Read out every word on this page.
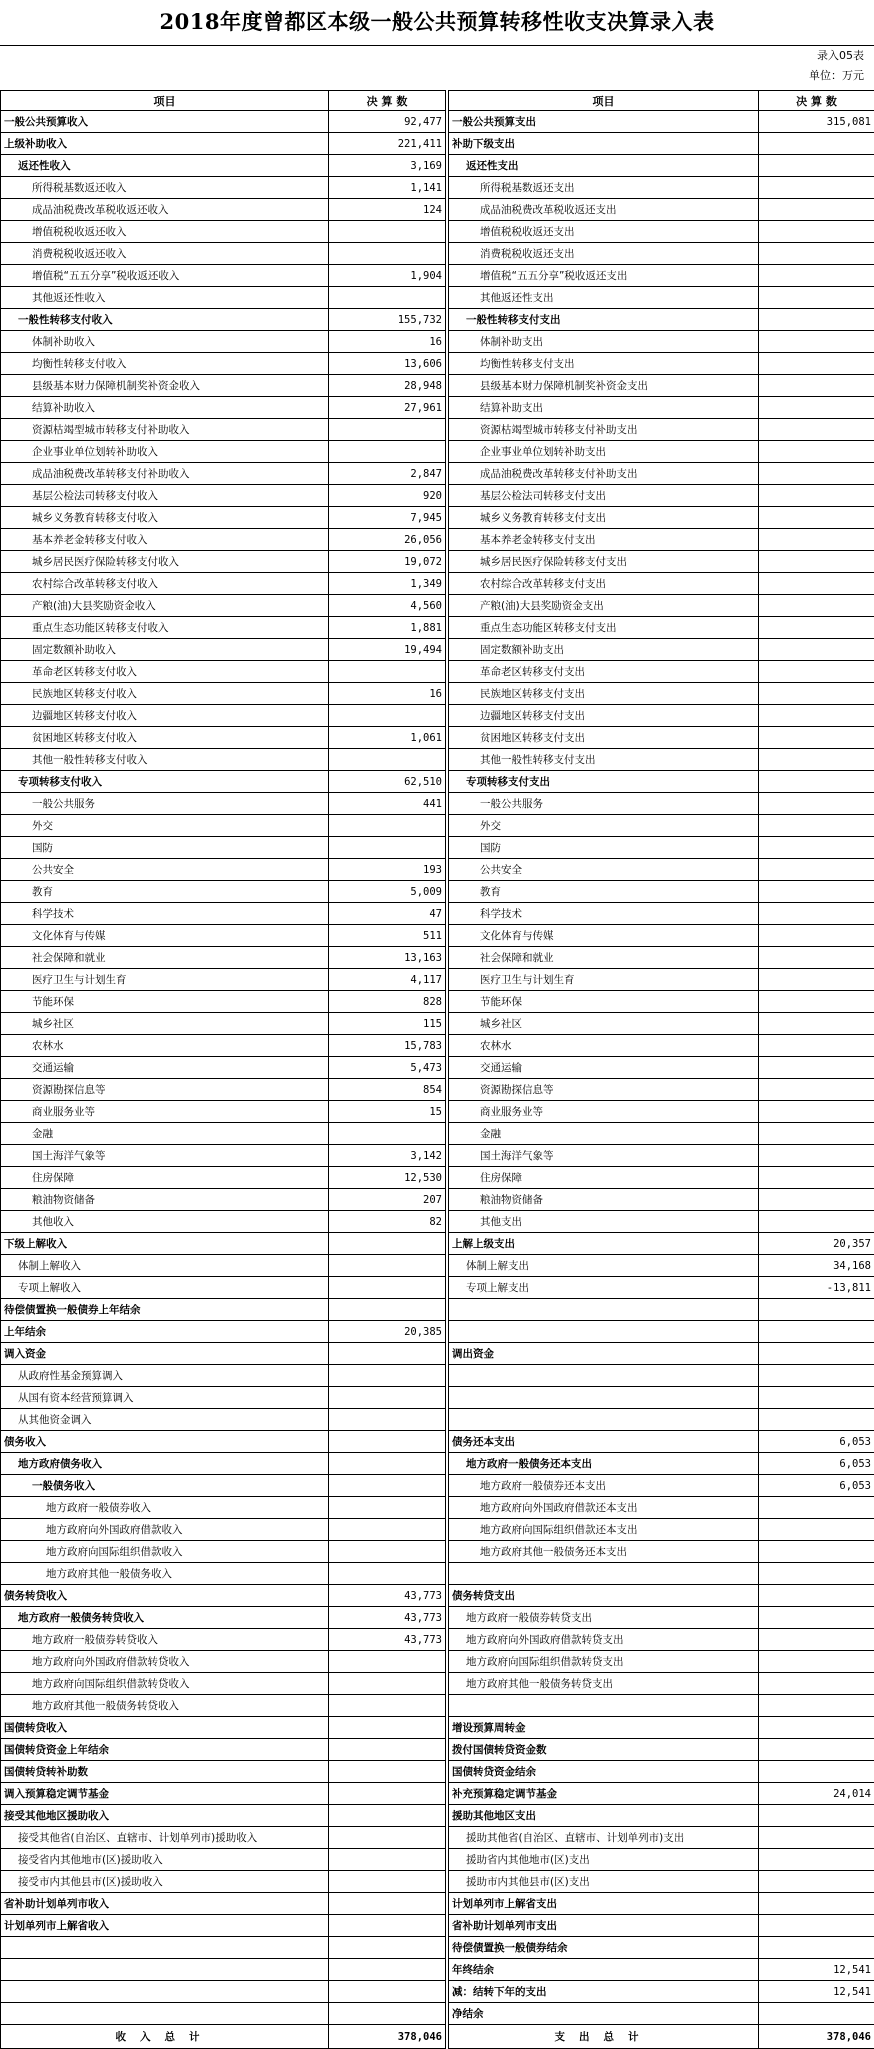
2018年度曾都区本级一般公共预算转移性收支决算录入表
录入05表
单位：万元
项目	决 算 数		项目	决 算 数
一般公共预算收入	92,477		一般公共预算支出	315,081
上级补助收入	221,411		补助下级支出	
返还性收入	3,169		返还性支出	
所得税基数返还收入	1,141		所得税基数返还支出	
成品油税费改革税收返还收入	124		成品油税费改革税收返还支出	
增值税税收返还收入			增值税税收返还支出	
消费税税收返还收入			消费税税收返还支出	
增值税“五五分享”税收返还收入	1,904		增值税“五五分享”税收返还支出	
其他返还性收入			其他返还性支出	
一般性转移支付收入	155,732		一般性转移支付支出	
体制补助收入	16		体制补助支出	
均衡性转移支付收入	13,606		均衡性转移支付支出	
县级基本财力保障机制奖补资金收入	28,948		县级基本财力保障机制奖补资金支出	
结算补助收入	27,961		结算补助支出	
资源枯竭型城市转移支付补助收入			资源枯竭型城市转移支付补助支出	
企业事业单位划转补助收入			企业事业单位划转补助支出	
成品油税费改革转移支付补助收入	2,847		成品油税费改革转移支付补助支出	
基层公检法司转移支付收入	920		基层公检法司转移支付支出	
城乡义务教育转移支付收入	7,945		城乡义务教育转移支付支出	
基本养老金转移支付收入	26,056		基本养老金转移支付支出	
城乡居民医疗保险转移支付收入	19,072		城乡居民医疗保险转移支付支出	
农村综合改革转移支付收入	1,349		农村综合改革转移支付支出	
产粮(油)大县奖励资金收入	4,560		产粮(油)大县奖励资金支出	
重点生态功能区转移支付收入	1,881		重点生态功能区转移支付支出	
固定数额补助收入	19,494		固定数额补助支出	
革命老区转移支付收入			革命老区转移支付支出	
民族地区转移支付收入	16		民族地区转移支付支出	
边疆地区转移支付收入			边疆地区转移支付支出	
贫困地区转移支付收入	1,061		贫困地区转移支付支出	
其他一般性转移支付收入			其他一般性转移支付支出	
专项转移支付收入	62,510		专项转移支付支出	
一般公共服务	441		一般公共服务	
外交			外交	
国防			国防	
公共安全	193		公共安全	
教育	5,009		教育	
科学技术	47		科学技术	
文化体育与传媒	511		文化体育与传媒	
社会保障和就业	13,163		社会保障和就业	
医疗卫生与计划生育	4,117		医疗卫生与计划生育	
节能环保	828		节能环保	
城乡社区	115		城乡社区	
农林水	15,783		农林水	
交通运输	5,473		交通运输	
资源勘探信息等	854		资源勘探信息等	
商业服务业等	15		商业服务业等	
金融			金融	
国土海洋气象等	3,142		国土海洋气象等	
住房保障	12,530		住房保障	
粮油物资储备	207		粮油物资储备	
其他收入	82		其他支出	
下级上解收入			上解上级支出	20,357
体制上解收入			体制上解支出	34,168
专项上解收入			专项上解支出	-13,811
待偿债置换一般债券上年结余				
上年结余	20,385			
调入资金			调出资金	
从政府性基金预算调入				
从国有资本经营预算调入				
从其他资金调入				
债务收入			债务还本支出	6,053
地方政府债务收入			地方政府一般债务还本支出	6,053
一般债务收入			地方政府一般债券还本支出	6,053
地方政府一般债券收入			地方政府向外国政府借款还本支出	
地方政府向外国政府借款收入			地方政府向国际组织借款还本支出	
地方政府向国际组织借款收入			地方政府其他一般债务还本支出	
地方政府其他一般债务收入				
债务转贷收入	43,773		债务转贷支出	
地方政府一般债务转贷收入	43,773		地方政府一般债券转贷支出	
地方政府一般债券转贷收入	43,773		地方政府向外国政府借款转贷支出	
地方政府向外国政府借款转贷收入			地方政府向国际组织借款转贷支出	
地方政府向国际组织借款转贷收入			地方政府其他一般债务转贷支出	
地方政府其他一般债务转贷收入				
国债转贷收入			增设预算周转金	
国债转贷资金上年结余			拨付国债转贷资金数	
国债转贷转补助数			国债转贷资金结余	
调入预算稳定调节基金			补充预算稳定调节基金	24,014
接受其他地区援助收入			援助其他地区支出	
接受其他省(自治区、直辖市、计划单列市)援助收入			援助其他省(自治区、直辖市、计划单列市)支出	
接受省内其他地市(区)援助收入			援助省内其他地市(区)支出	
接受市内其他县市(区)援助收入			援助市内其他县市(区)支出	
省补助计划单列市收入			计划单列市上解省支出	
计划单列市上解省收入			省补助计划单列市支出	
			待偿债置换一般债券结余	
			年终结余	12,541
			减：结转下年的支出	12,541
			净结余	
收入总计	378,046		支出总计	378,046
